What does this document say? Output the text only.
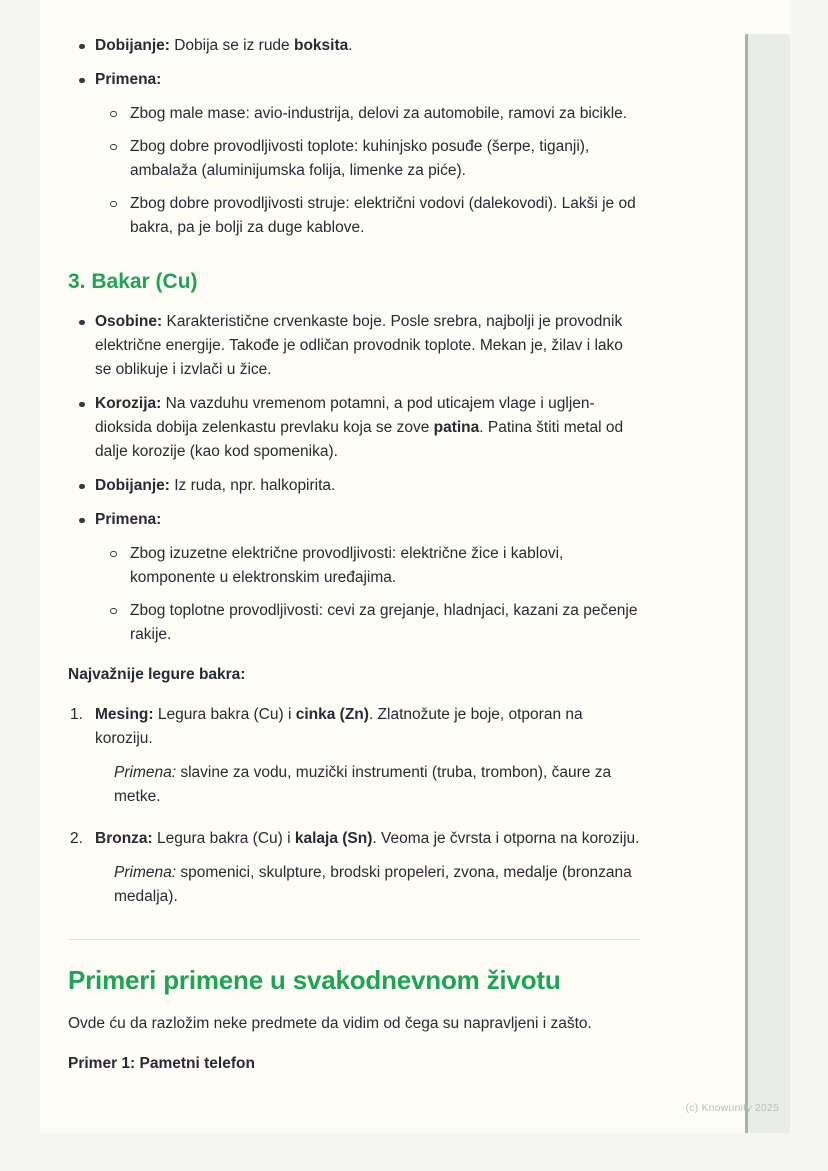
Dobijanje: Dobija se iz rude boksita.
Primena:
Zbog male mase: avio-industrija, delovi za automobile, ramovi za bicikle.
Zbog dobre provodljivosti toplote: kuhinjsko posuđe (šerpe, tiganji), ambalaža (aluminijumska folija, limenke za piće).
Zbog dobre provodljivosti struje: električni vodovi (dalekovodi). Lakši je od bakra, pa je bolji za duge kablove.
3. Bakar (Cu)
Osobine: Karakteristične crvenkaste boje. Posle srebra, najbolji je provodnik električne energije. Takođe je odličan provodnik toplote. Mekan je, žilav i lako se oblikuje i izvlači u žice.
Korozija: Na vazduhu vremenom potamni, a pod uticajem vlage i ugljen-dioksida dobija zelenkastu prevlaku koja se zove patina. Patina štiti metal od dalje korozije (kao kod spomenika).
Dobijanje: Iz ruda, npr. halkopirita.
Primena:
Zbog izuzetne električne provodljivosti: električne žice i kablovi, komponente u elektronskim uređajima.
Zbog toplotne provodljivosti: cevi za grejanje, hladnjaci, kazani za pečenje rakije.
Najvažnije legure bakra:
1. Mesing: Legura bakra (Cu) i cinka (Zn). Zlatnožute je boje, otporan na koroziju.
Primena: slavine za vodu, muzički instrumenti (truba, trombon), čaure za metke.
2. Bronza: Legura bakra (Cu) i kalaja (Sn). Veoma je čvrsta i otporna na koroziju.
Primena: spomenici, skulpture, brodski propeleri, zvona, medalje (bronzana medalja).
Primeri primene u svakodnevnom životu
Ovde ću da razložim neke predmete da vidim od čega su napravljeni i zašto.
Primer 1: Pametni telefon
(c) Knowunity 2025
